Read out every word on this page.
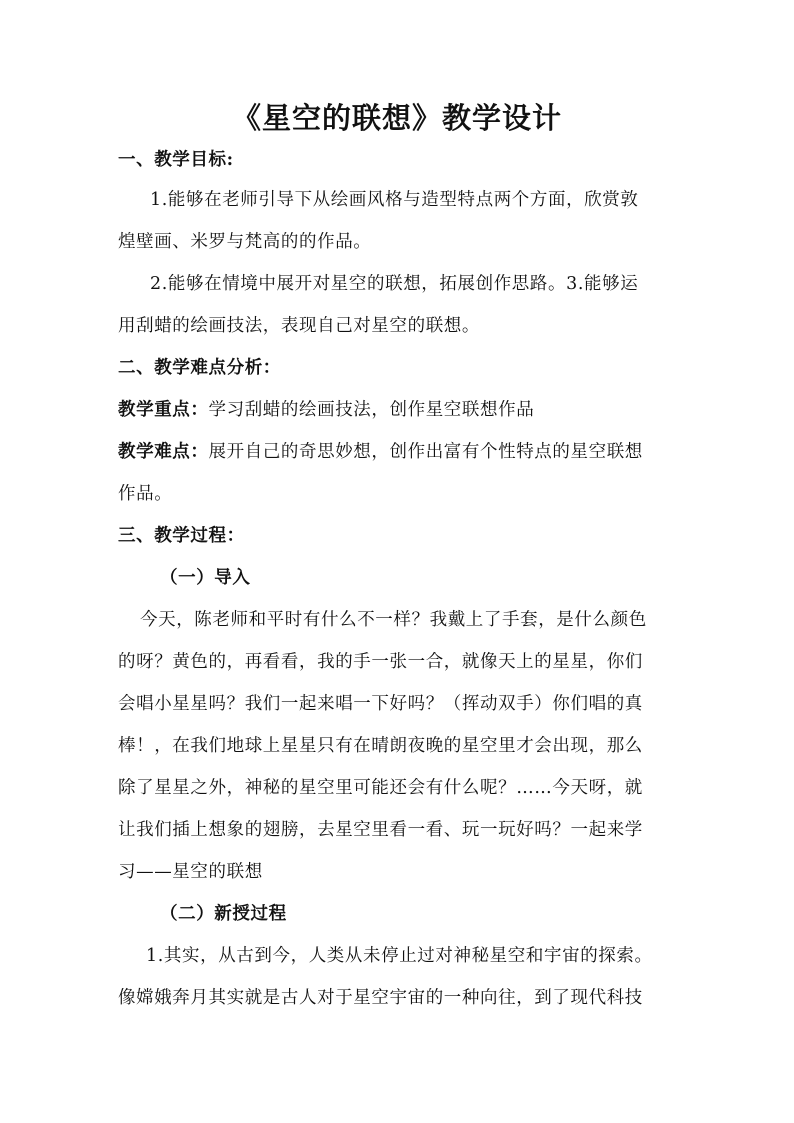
《星空的联想》教学设计
一、教学目标:
1.能够在老师引导下从绘画风格与造型特点两个方面，欣赏敦
煌壁画、米罗与梵高的的作品。
2.能够在情境中展开对星空的联想，拓展创作思路。3.能够运
用刮蜡的绘画技法，表现自己对星空的联想。
二、教学难点分析：
教学重点：学习刮蜡的绘画技法，创作星空联想作品
教学难点：展开自己的奇思妙想，创作出富有个性特点的星空联想
作品。
三、教学过程：
（一）导入
今天，陈老师和平时有什么不一样？我戴上了手套，是什么颜色
的呀？黄色的，再看看，我的手一张一合，就像天上的星星，你们
会唱小星星吗？我们一起来唱一下好吗？（挥动双手）你们唱的真
棒！，在我们地球上星星只有在晴朗夜晚的星空里才会出现，那么
除了星星之外，神秘的星空里可能还会有什么呢？……今天呀，就
让我们插上想象的翅膀，去星空里看一看、玩一玩好吗？一起来学
习——星空的联想
（二）新授过程
1.其实，从古到今，人类从未停止过对神秘星空和宇宙的探索。
像嫦娥奔月其实就是古人对于星空宇宙的一种向往，到了现代科技
